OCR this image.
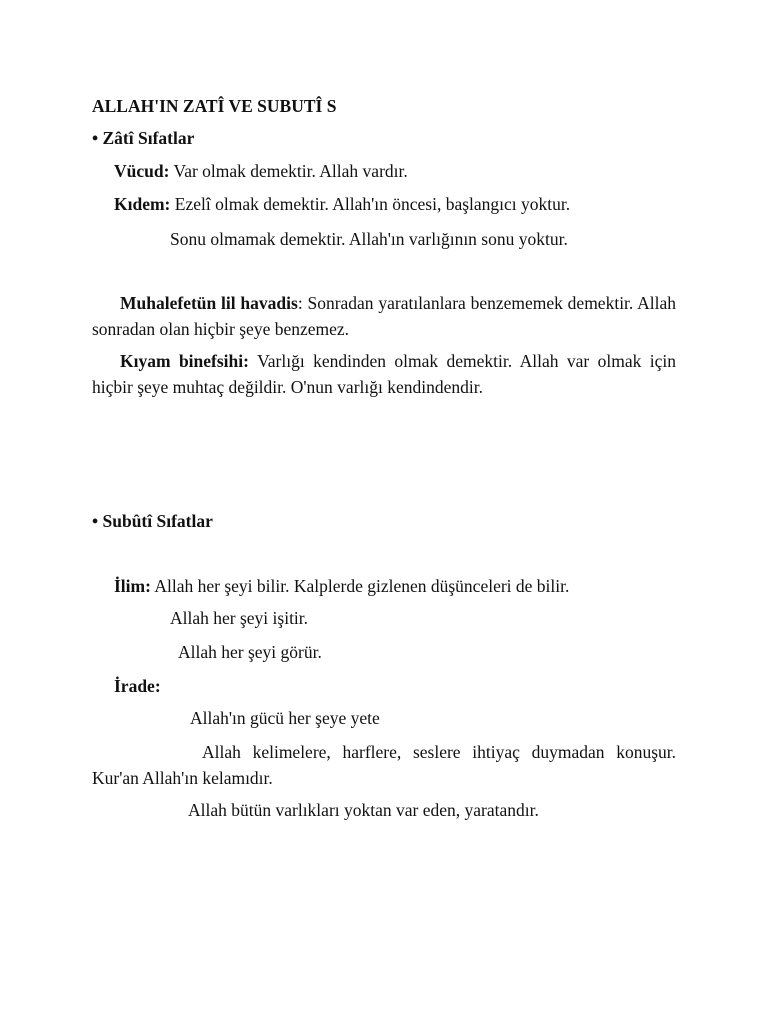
ALLAH'IN ZATÎ VE SUBUTÎ S
• Zâtî Sıfatlar
Vücud: Var olmak demektir. Allah vardır.
Kıdem: Ezelî olmak demektir. Allah'ın öncesi, başlangıcı yoktur.
Sonu olmamak demektir. Allah'ın varlığının sonu yoktur.
Muhalefetün lil havadis: Sonradan yaratılanlara benzememek demektir. Allah sonradan olan hiçbir şeye benzemez.
Kıyam binefsihi: Varlığı kendinden olmak demektir. Allah var olmak için hiçbir şeye muhtaç değildir. O'nun varlığı kendindendir.
• Subûtî Sıfatlar
İlim: Allah her şeyi bilir. Kalplerde gizlenen düşünceleri de bilir.
Allah her şeyi işitir.
Allah her şeyi görür.
İrade:
Allah'ın gücü her şeye yete
Allah kelimelere, harflere, seslere ihtiyaç duymadan konuşur. Kur'an Allah'ın kelamıdır.
Allah bütün varlıkları yoktan var eden, yaratandır.
